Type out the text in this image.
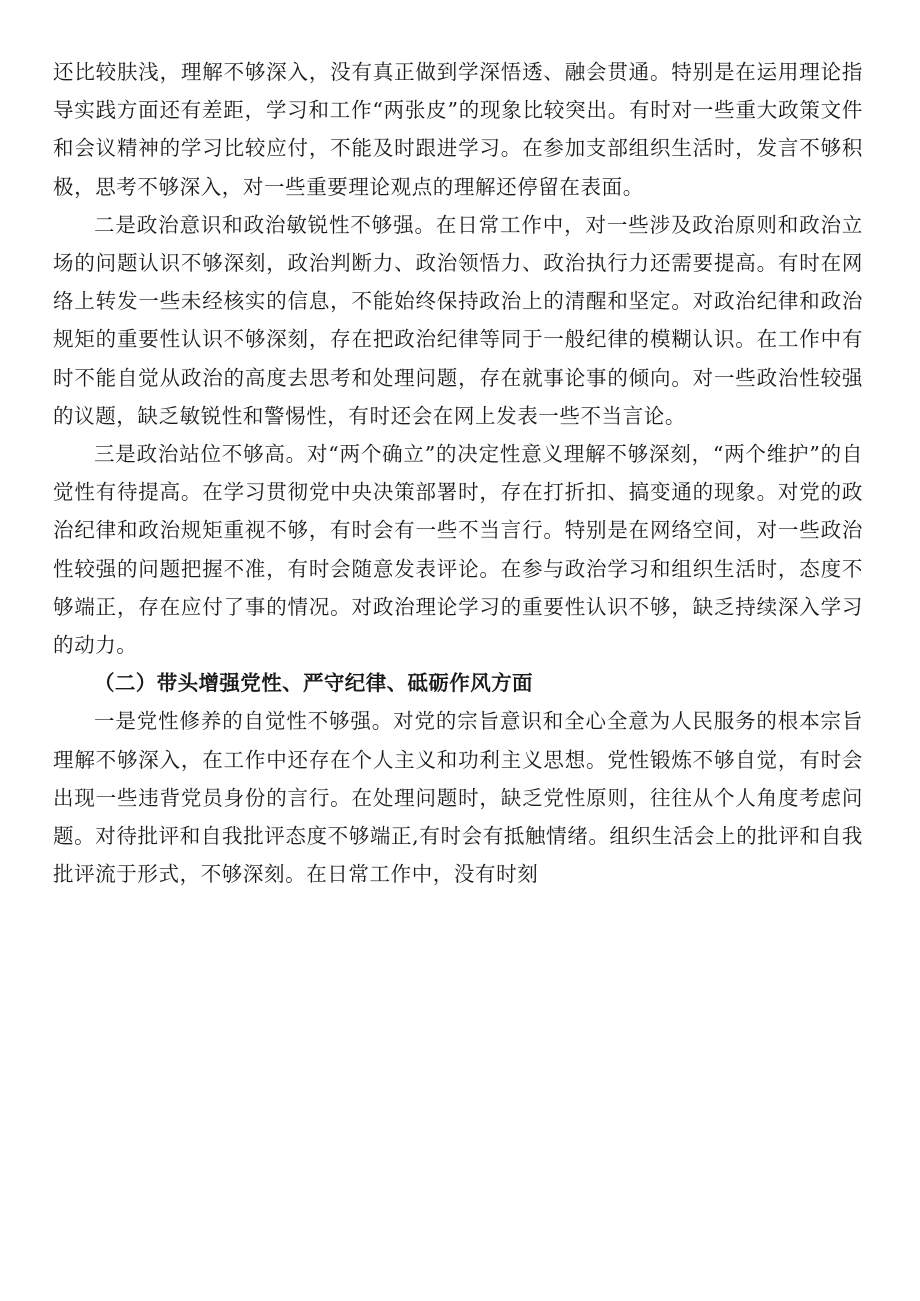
还比较肤浅，理解不够深入，没有真正做到学深悟透、融会贯通。特别是在运用理论指导实践方面还有差距，学习和工作“两张皮”的现象比较突出。有时对一些重大政策文件和会议精神的学习比较应付，不能及时跟进学习。在参加支部组织生活时，发言不够积极，思考不够深入，对一些重要理论观点的理解还停留在表面。

二是政治意识和政治敏锐性不够强。在日常工作中，对一些涉及政治原则和政治立场的问题认识不够深刻，政治判断力、政治领悟力、政治执行力还需要提高。有时在网络上转发一些未经核实的信息，不能始终保持政治上的清醒和坚定。对政治纪律和政治规矩的重要性认识不够深刻，存在把政治纪律等同于一般纪律的模糊认识。在工作中有时不能自觉从政治的高度去思考和处理问题，存在就事论事的倾向。对一些政治性较强的议题，缺乏敏锐性和警惕性，有时还会在网上发表一些不当言论。

三是政治站位不够高。对“两个确立”的决定性意义理解不够深刻，“两个维护”的自觉性有待提高。在学习贯彻党中央决策部署时，存在打折扣、搞变通的现象。对党的政治纪律和政治规矩重视不够，有时会有一些不当言行。特别是在网络空间，对一些政治性较强的问题把握不准，有时会随意发表评论。在参与政治学习和组织生活时，态度不够端正，存在应付了事的情况。对政治理论学习的重要性认识不够，缺乏持续深入学习的动力。

（二）带头增强党性、严守纪律、砥砺作风方面

一是党性修养的自觉性不够强。对党的宗旨意识和全心全意为人民服务的根本宗旨理解不够深入，在工作中还存在个人主义和功利主义思想。党性锻炼不够自觉，有时会出现一些违背党员身份的言行。在处理问题时，缺乏党性原则，往往从个人角度考虑问题。对待批评和自我批评态度不够端正,有时会有抵触情绪。组织生活会上的批评和自我批评流于形式，不够深刻。在日常工作中，没有时刻
